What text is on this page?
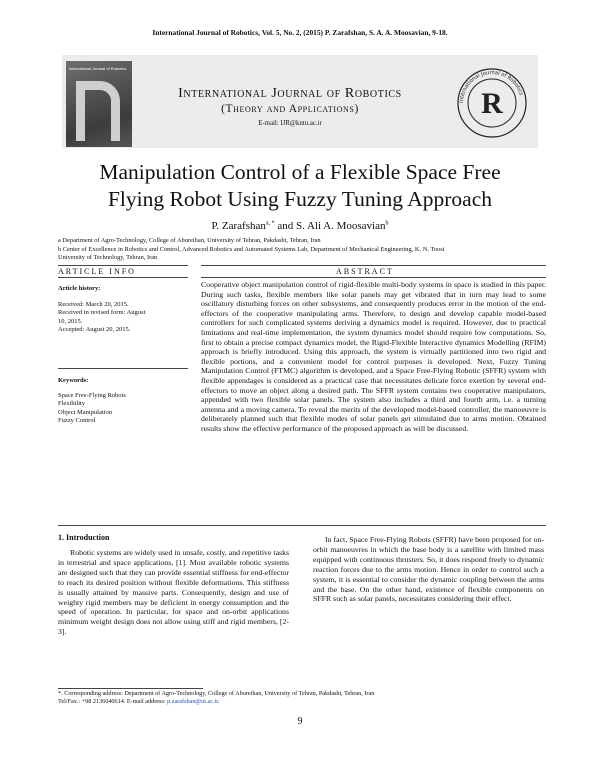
International Journal of Robotics, Vol. 5, No. 2, (2015) P. Zarafshan, S. A. A. Moosavian, 9-18.
International Journal of Robotics
International Journal of Robotics
(Theory and Applications)
E-mail: IJR@kntu.ac.ir
International Journal of Robotics
R
Manipulation Control of a Flexible Space Free
Flying Robot Using Fuzzy Tuning Approach
P. Zarafshan$^{a, *}$ and S. Ali A. Moosavian$^b$
a Department of Agro-Technology, College of Abureihan, University of Tehran, Pakdasht, Tehran, Iran
b Center of Excellence in Robotics and Control, Advanced Robotics and Automated Systems Lab, Department of Mechanical Engineering, K. N. Toosi
University of Technology, Tehran, Iran
ARTICLE INFO	ABSTRACT
Article history:
Received: March 20, 2015.
Received in revised form: August
10, 2015.
Accepted: August 20, 2015.
Keywords:
Space Free-Flying Robots
Flexibility
Object Manipulation
Fuzzy Control
Cooperative object manipulation control of rigid-flexible multi-body systems in space is studied in this paper. During such tasks, flexible members like solar panels may get vibrated that in turn may lead to some oscillatory disturbing forces on other subsystems, and consequently produces error in the motion of the end-effectors of the cooperative manipulating arms. Therefore, to design and develop capable model-based controllers for such complicated systems deriving a dynamics model is required. However, due to practical limitations and real-time implementation, the system dynamics model should require low computations. So, first to obtain a precise compact dynamics model, the Rigid-Flexible Interactive dynamics Modelling (RFIM) approach is briefly introduced. Using this approach, the system is virtually partitioned into two rigid and flexible portions, and a convenient model for control purposes is developed. Next, Fuzzy Tuning Manipulation Control (FTMC) algorithm is developed, and a Space Free-Flying Robotic (SFFR) system with flexible appendages is considered as a practical case that necessitates delicate force exertion by several end-effectors to move an object along a desired path. The SFFR system contains two cooperative manipulators, appended with two flexible solar panels. The system also includes a third and fourth arm, i.e. a turning antenna and a moving camera. To reveal the merits of the developed model-based controller, the manoeuvre is deliberately planned such that flexible modes of solar panels get stimulated due to arms motion. Obtained results show the effective performance of the proposed approach as will be discussed.
1. Introduction

Robotic systems are widely used in unsafe, costly, and repetitive tasks in terrestrial and space applications, [1]. Most available robotic systems are designed such that they can provide essential stiffness for end-effector to reach its desired position without flexible deformations. This stiffness is usually attained by massive parts. Consequently, design and use of weighty rigid members may be deficient in energy consumption and the speed of operation. In particular, for space and on-orbit applications minimum weight design does not allow using stiff and rigid members, [2-3].

In fact, Space Free-Flying Robots (SFFR) have been proposed for on-orbit manoeuvres in which the base body is a satellite with limited mass equipped with continuous thrusters. So, it does respond freely to dynamic reaction forces due to the arms motion. Hence in order to control such a system, it is essential to consider the dynamic coupling between the arms and the base. On the other hand, existence of flexible components on SFFR such as solar panels, necessitates considering their effect.

*. Corresponding address: Department of Agro-Technology, College of Abureihan, University of Tehran, Pakdasht, Tehran, Iran
Tel/Fax.: +98 2136040614. E-mail address: p.zarafshan@ut.ac.ir.
9
